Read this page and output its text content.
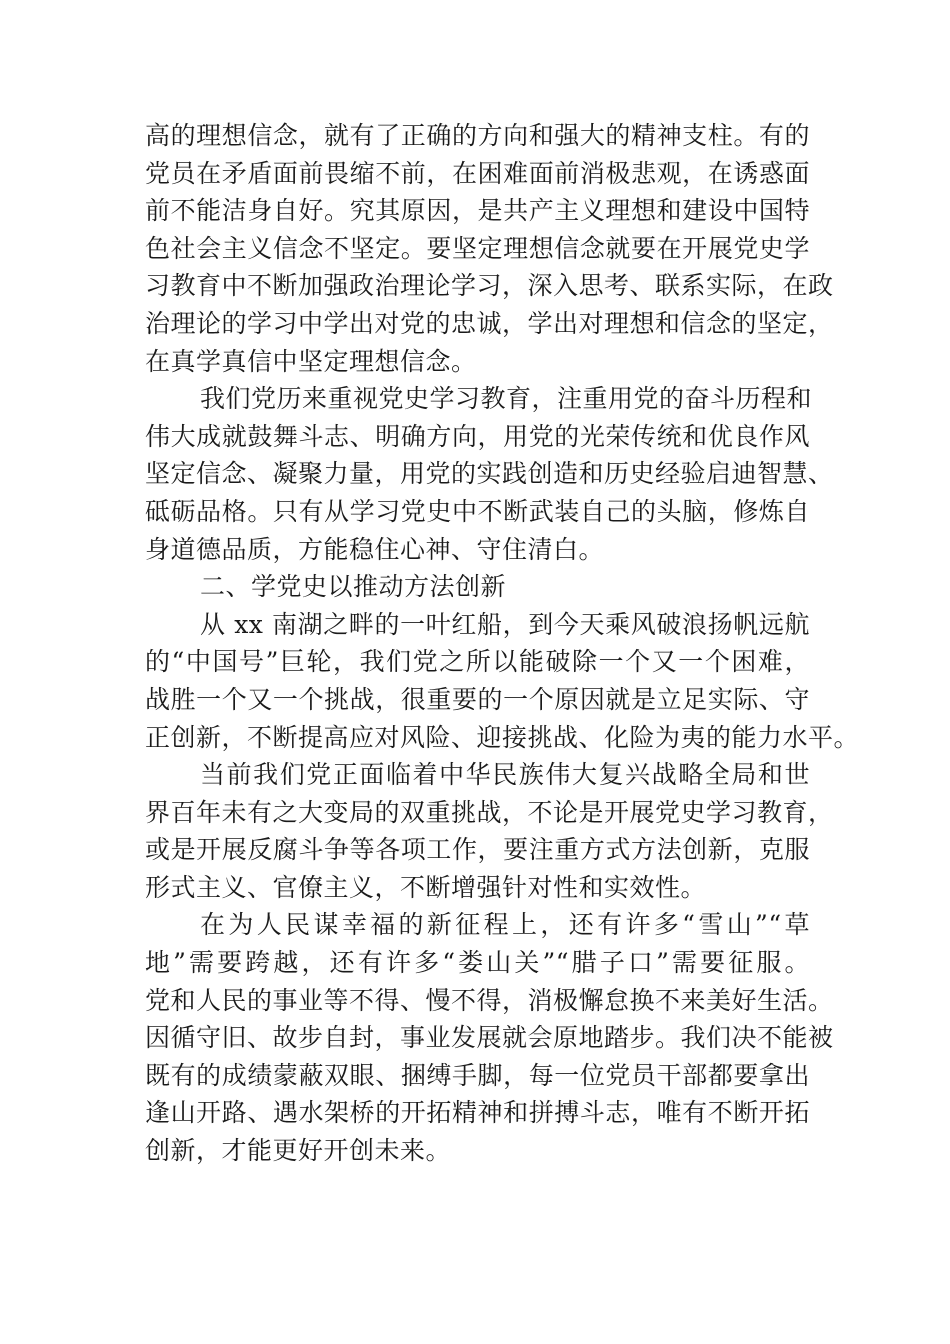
高的理想信念，就有了正确的方向和强大的精神支柱。有的
党员在矛盾面前畏缩不前，在困难面前消极悲观，在诱惑面
前不能洁身自好。究其原因，是共产主义理想和建设中国特
色社会主义信念不坚定。要坚定理想信念就要在开展党史学
习教育中不断加强政治理论学习，深入思考、联系实际，在政
治理论的学习中学出对党的忠诚，学出对理想和信念的坚定，
在真学真信中坚定理想信念。
我们党历来重视党史学习教育，注重用党的奋斗历程和
伟大成就鼓舞斗志、明确方向，用党的光荣传统和优良作风
坚定信念、凝聚力量，用党的实践创造和历史经验启迪智慧、
砥砺品格。只有从学习党史中不断武装自己的头脑，修炼自
身道德品质，方能稳住心神、守住清白。
二、学党史以推动方法创新
从 xx 南湖之畔的一叶红船，到今天乘风破浪扬帆远航
的“中国号”巨轮，我们党之所以能破除一个又一个困难，
战胜一个又一个挑战，很重要的一个原因就是立足实际、守
正创新，不断提高应对风险、迎接挑战、化险为夷的能力水平。
当前我们党正面临着中华民族伟大复兴战略全局和世
界百年未有之大变局的双重挑战，不论是开展党史学习教育，
或是开展反腐斗争等各项工作，要注重方式方法创新，克服
形式主义、官僚主义，不断增强针对性和实效性。
在为人民谋幸福的新征程上，还有许多“雪山”“草
地”需要跨越，还有许多“娄山关”“腊子口”需要征服。
党和人民的事业等不得、慢不得，消极懈怠换不来美好生活。
因循守旧、故步自封，事业发展就会原地踏步。我们决不能被
既有的成绩蒙蔽双眼、捆缚手脚，每一位党员干部都要拿出
逢山开路、遇水架桥的开拓精神和拼搏斗志，唯有不断开拓
创新，才能更好开创未来。
